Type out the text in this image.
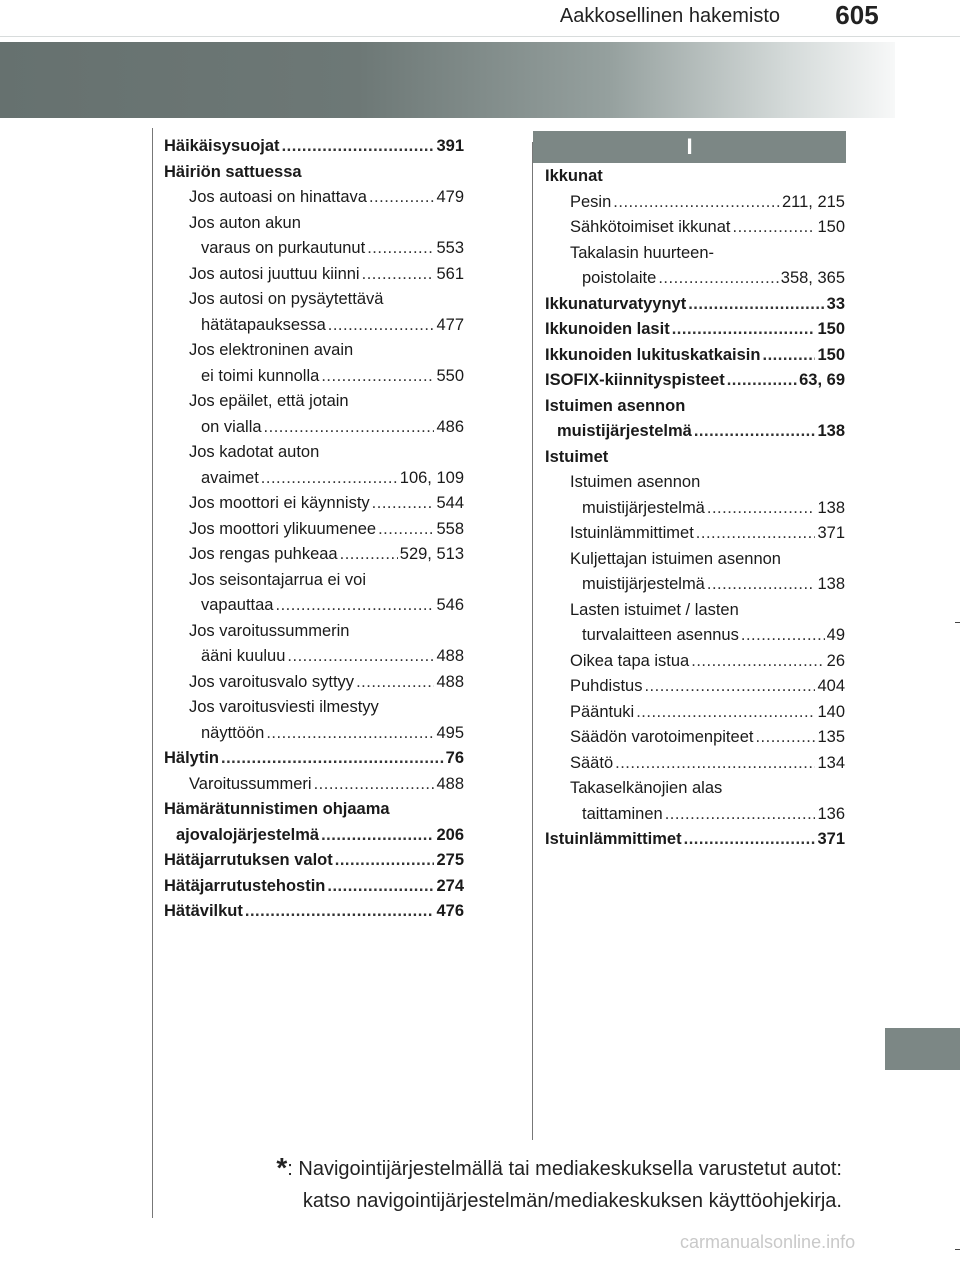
Aakkosellinen hakemisto	605
Häikäisysuojat .....	391
Häiriön sattuessa
Jos autoasi on hinattava .....	479
Jos auton akun
varaus on purkautunut .....	553
Jos autosi juuttuu kiinni .....	561
Jos autosi on pysäytettävä
hätätapauksessa .....	477
Jos elektroninen avain
ei toimi kunnolla .....	550
Jos epäilet, että jotain
on vialla .....	486
Jos kadotat auton
avaimet .....	106, 109
Jos moottori ei käynnisty .....	544
Jos moottori ylikuumenee .....	558
Jos rengas puhkeaa .....	529, 513
Jos seisontajarrua ei voi
vapauttaa .....	546
Jos varoitussummerin
ääni kuuluu .....	488
Jos varoitusvalo syttyy .....	488
Jos varoitusviesti ilmestyy
näyttöön .....	495
Hälytin .....	76
Varoitussummeri .....	488
Hämärätunnistimen ohjaama
ajovalojärjestelmä .....	206
Hätäjarrutuksen valot .....	275
Hätäjarrutustehostin .....	274
Hätävilkut .....	476
I
Ikkunat
Pesin .....	211, 215
Sähkötoimiset ikkunat .....	150
Takalasin huurteen-
poistolaite .....	358, 365
Ikkunaturvatyynyt .....	33
Ikkunoiden lasit .....	150
Ikkunoiden lukituskatkaisin .....	150
ISOFIX-kiinnityspisteet .....	63, 69
Istuimen asennon
muistijärjestelmä .....	138
Istuimet
Istuimen asennon
muistijärjestelmä .....	138
Istuinlämmittimet .....	371
Kuljettajan istuimen asennon
muistijärjestelmä .....	138
Lasten istuimet / lasten
turvalaitteen asennus .....	49
Oikea tapa istua .....	26
Puhdistus .....	404
Pääntuki .....	140
Säädön varotoimenpiteet .....	135
Säätö .....	134
Takaselkänojien alas
taittaminen .....	136
Istuinlämmittimet .....	371
*: Navigointijärjestelmällä tai mediakeskuksella varustetut autot:
katso navigointijärjestelmän/mediakeskuksen käyttöohjekirja.
carmanualsonline.info
